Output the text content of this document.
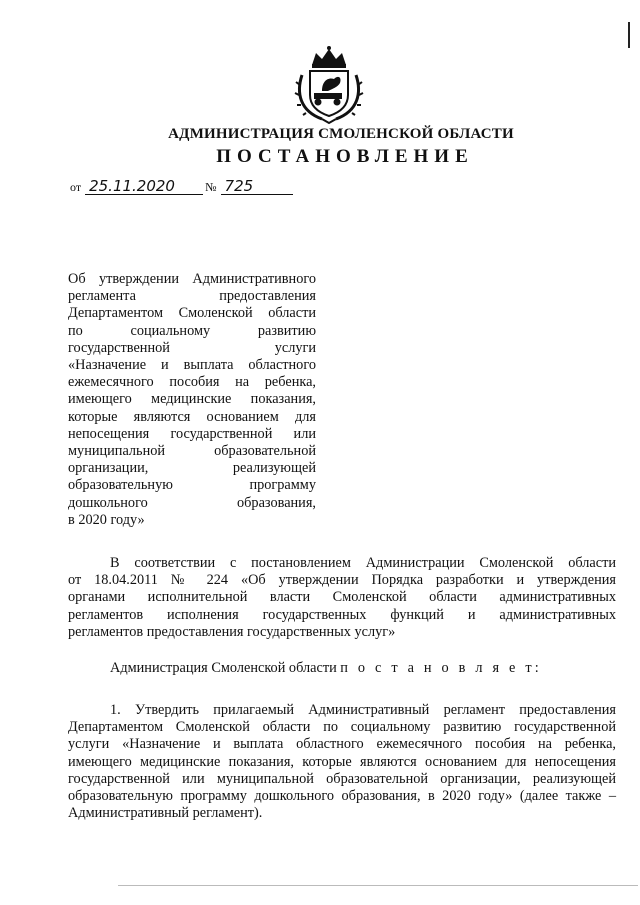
АДМИНИСТРАЦИЯ СМОЛЕНСКОЙ ОБЛАСТИ
ПОСТАНОВЛЕНИЕ
от 25.11.2020	№ 725
Об утверждении Административного
регламента предоставления
Департаментом Смоленской области
по социальному развитию
государственной услуги
«Назначение и выплата областного
ежемесячного пособия на ребенка,
имеющего медицинские показания,
которые являются основанием для
непосещения государственной или
муниципальной образовательной
организации, реализующей
образовательную программу
дошкольного образования,
в 2020 году»
В соответствии с постановлением Администрации Смоленской области
от 18.04.2011 № 224 «Об утверждении Порядка разработки и утверждения
органами исполнительной власти Смоленской области административных
регламентов исполнения государственных функций и административных
регламентов предоставления государственных услуг»
Администрация Смоленской области п о с т а н о в л я е т:
1. Утвердить прилагаемый Административный регламент предоставления
Департаментом Смоленской области по социальному развитию государственной
услуги «Назначение и выплата областного ежемесячного пособия на ребенка,
имеющего медицинские показания, которые являются основанием для непосещения
государственной или муниципальной образовательной организации, реализующей
образовательную программу дошкольного образования, в 2020 году» (далее также –
Административный регламент).
